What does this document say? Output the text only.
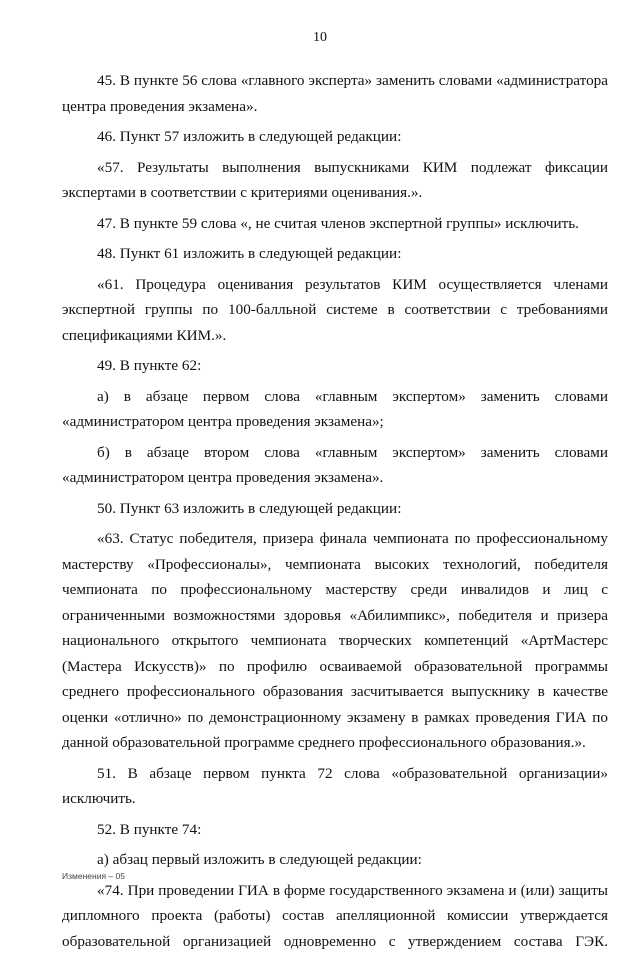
10

45. В пункте 56 слова «главного эксперта» заменить словами «администратора центра проведения экзамена».

46. Пункт 57 изложить в следующей редакции:

«57. Результаты выполнения выпускниками КИМ подлежат фиксации экспертами в соответствии с критериями оценивания.».

47. В пункте 59 слова «, не считая членов экспертной группы» исключить.

48. Пункт 61 изложить в следующей редакции:

«61. Процедура оценивания результатов КИМ осуществляется членами экспертной группы по 100-балльной системе в соответствии с требованиями спецификациями КИМ.».

49. В пункте 62:

а) в абзаце первом слова «главным экспертом» заменить словами «администратором центра проведения экзамена»;

б) в абзаце втором слова «главным экспертом» заменить словами «администратором центра проведения экзамена».

50. Пункт 63 изложить в следующей редакции:

«63. Статус победителя, призера финала чемпионата по профессиональному мастерству «Профессионалы», чемпионата высоких технологий, победителя чемпионата по профессиональному мастерству среди инвалидов и лиц с ограниченными возможностями здоровья «Абилимпикс», победителя и призера национального открытого чемпионата творческих компетенций «АртМастерс (Мастера Искусств)» по профилю осваиваемой образовательной программы среднего профессионального образования засчитывается выпускнику в качестве оценки «отлично» по демонстрационному экзамену в рамках проведения ГИА по данной образовательной программе среднего профессионального образования.».

51. В абзаце первом пункта 72 слова «образовательной организации» исключить.

52. В пункте 74:

а) абзац первый изложить в следующей редакции:

«74. При проведении ГИА в форме государственного экзамена и (или) защиты дипломного проекта (работы) состав апелляционной комиссии утверждается образовательной организацией одновременно с утверждением состава ГЭК.

Изменения – 05
